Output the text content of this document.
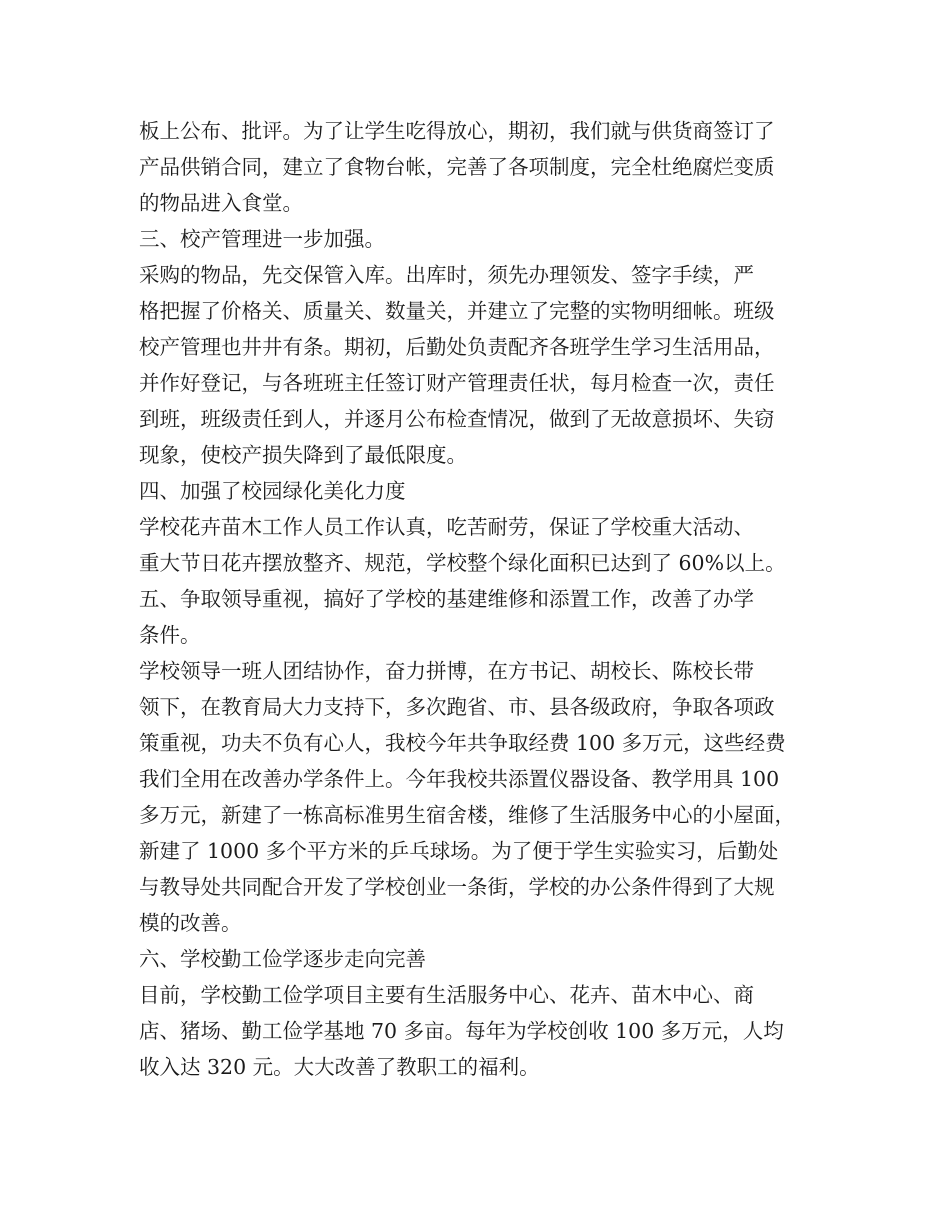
板上公布、批评。为了让学生吃得放心，期初，我们就与供货商签订了
产品供销合同，建立了食物台帐，完善了各项制度，完全杜绝腐烂变质
的物品进入食堂。
三、校产管理进一步加强。
采购的物品，先交保管入库。出库时，须先办理领发、签字手续，严
格把握了价格关、质量关、数量关，并建立了完整的实物明细帐。班级
校产管理也井井有条。期初，后勤处负责配齐各班学生学习生活用品，
并作好登记，与各班班主任签订财产管理责任状，每月检查一次，责任
到班，班级责任到人，并逐月公布检查情况，做到了无故意损坏、失窃
现象，使校产损失降到了最低限度。
四、加强了校园绿化美化力度
学校花卉苗木工作人员工作认真，吃苦耐劳，保证了学校重大活动、
重大节日花卉摆放整齐、规范，学校整个绿化面积已达到了 60%以上。
五、争取领导重视，搞好了学校的基建维修和添置工作，改善了办学
条件。
学校领导一班人团结协作，奋力拼博，在方书记、胡校长、陈校长带
领下，在教育局大力支持下，多次跑省、市、县各级政府，争取各项政
策重视，功夫不负有心人，我校今年共争取经费 100 多万元，这些经费
我们全用在改善办学条件上。今年我校共添置仪器设备、教学用具 100
多万元，新建了一栋高标准男生宿舍楼，维修了生活服务中心的小屋面，
新建了 1000 多个平方米的乒乓球场。为了便于学生实验实习，后勤处
与教导处共同配合开发了学校创业一条街，学校的办公条件得到了大规
模的改善。
六、学校勤工俭学逐步走向完善
目前，学校勤工俭学项目主要有生活服务中心、花卉、苗木中心、商
店、猪场、勤工俭学基地 70 多亩。每年为学校创收 100 多万元，人均
收入达 320 元。大大改善了教职工的福利。
